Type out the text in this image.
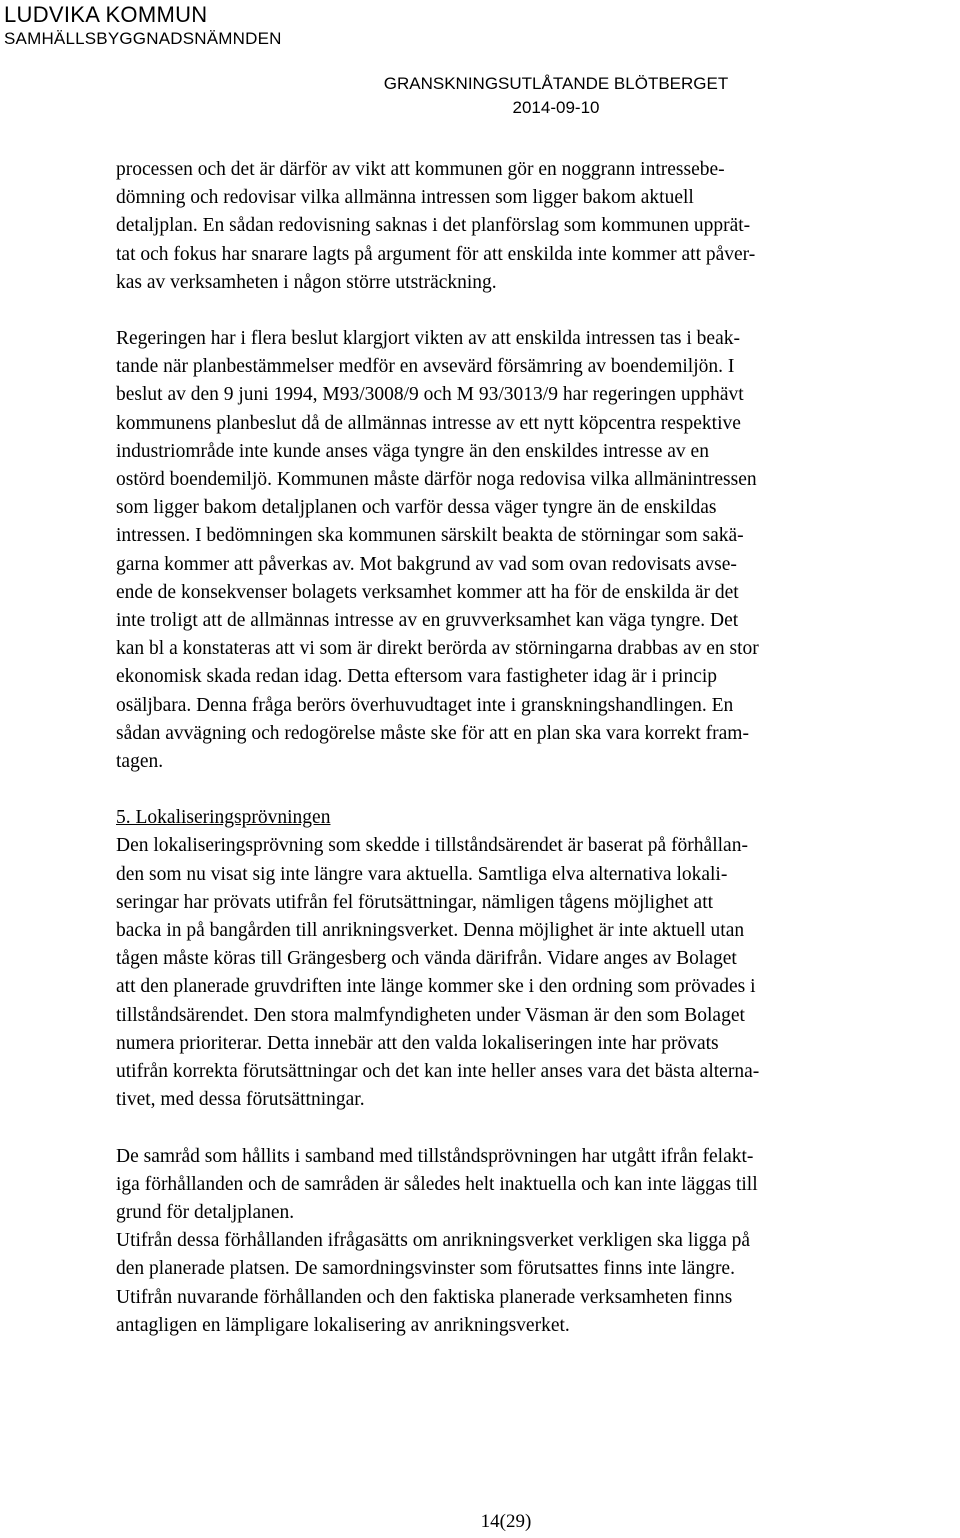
LUDVIKA KOMMUN
SAMHÄLLSBYGGNADSNÄMNDEN
GRANSKNINGSUTLÅTANDE BLÖTBERGET
2014-09-10

processen och det är därför av vikt att kommunen gör en noggrann intressebe-
dömning och redovisar vilka allmänna intressen som ligger bakom aktuell
detaljplan. En sådan redovisning saknas i det planförslag som kommunen upprät-
tat och fokus har snarare lagts på argument för att enskilda inte kommer att påver-
kas av verksamheten i någon större utsträckning.

Regeringen har i flera beslut klargjort vikten av att enskilda intressen tas i beak-
tande när planbestämmelser medför en avsevärd försämring av boendemiljön. I
beslut av den 9 juni 1994, M93/3008/9 och M 93/3013/9 har regeringen upphävt
kommunens planbeslut då de allmännas intresse av ett nytt köpcentra respektive
industriområde inte kunde anses väga tyngre än den enskildes intresse av en
ostörd boendemiljö. Kommunen måste därför noga redovisa vilka allmänintressen
som ligger bakom detaljplanen och varför dessa väger tyngre än de enskildas
intressen. I bedömningen ska kommunen särskilt beakta de störningar som sakä-
garna kommer att påverkas av. Mot bakgrund av vad som ovan redovisats avse-
ende de konsekvenser bolagets verksamhet kommer att ha för de enskilda är det
inte troligt att de allmännas intresse av en gruvverksamhet kan väga tyngre. Det
kan bl a konstateras att vi som är direkt berörda av störningarna drabbas av en stor
ekonomisk skada redan idag. Detta eftersom vara fastigheter idag är i princip
osäljbara. Denna fråga berörs överhuvudtaget inte i granskningshandlingen. En
sådan avvägning och redogörelse måste ske för att en plan ska vara korrekt fram-
tagen.

5. Lokaliseringsprövningen

Den lokaliseringsprövning som skedde i tillståndsärendet är baserat på förhållan-
den som nu visat sig inte längre vara aktuella. Samtliga elva alternativa lokali-
seringar har prövats utifrån fel förutsättningar, nämligen tågens möjlighet att
backa in på bangården till anrikningsverket. Denna möjlighet är inte aktuell utan
tågen måste köras till Grängesberg och vända därifrån. Vidare anges av Bolaget
att den planerade gruvdriften inte länge kommer ske i den ordning som prövades i
tillståndsärendet. Den stora malmfyndigheten under Väsman är den som Bolaget
numera prioriterar. Detta innebär att den valda lokaliseringen inte har prövats
utifrån korrekta förutsättningar och det kan inte heller anses vara det bästa alterna-
tivet, med dessa förutsättningar.

De samråd som hållits i samband med tillståndsprövningen har utgått ifrån felakt-
iga förhållanden och de samråden är således helt inaktuella och kan inte läggas till
grund för detaljplanen.

Utifrån dessa förhållanden ifrågasätts om anrikningsverket verkligen ska ligga på
den planerade platsen. De samordningsvinster som förutsattes finns inte längre.
Utifrån nuvarande förhållanden och den faktiska planerade verksamheten finns
antagligen en lämpligare lokalisering av anrikningsverket.

14(29)
